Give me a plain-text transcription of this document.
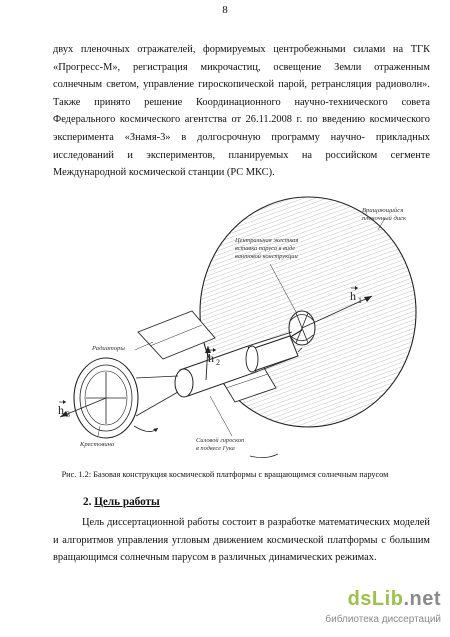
8

двух пленочных отражателей, формируемых центробежными силами на ТГК «Прогресс-М», регистрация микрочастиц, освещение Земли отраженным солнечным светом, управление гироскопической парой, ретрансляция радиоволн». Также принято решение Координационного научно-технического совета Федерального космического агентства от 26.11.2008 г. по введению космического эксперимента «Знамя-3» в долгосрочную программу научно- прикладных исследований и экспериментов, планируемых на российском сегменте Международной космической станции (РС МКС).

Вращающийся пленочный диск
Центральная жесткая вставка паруса в виде вантовой конструкции
Радиаторы
Силовой гироскоп в подвесе Гука
Крестовина
h 1
h 2
h 3
Рис. 1.2: Базовая конструкция космической платформы с вращающимся солнечным парусом
2. Цель работы

Цель диссертационной работы состоит в разработке математических моделей и алгоритмов управления угловым движением космической платформы с большим вращающимся солнечным парусом в различных динамических режимах.

dsLib.net
библиотека диссертаций
